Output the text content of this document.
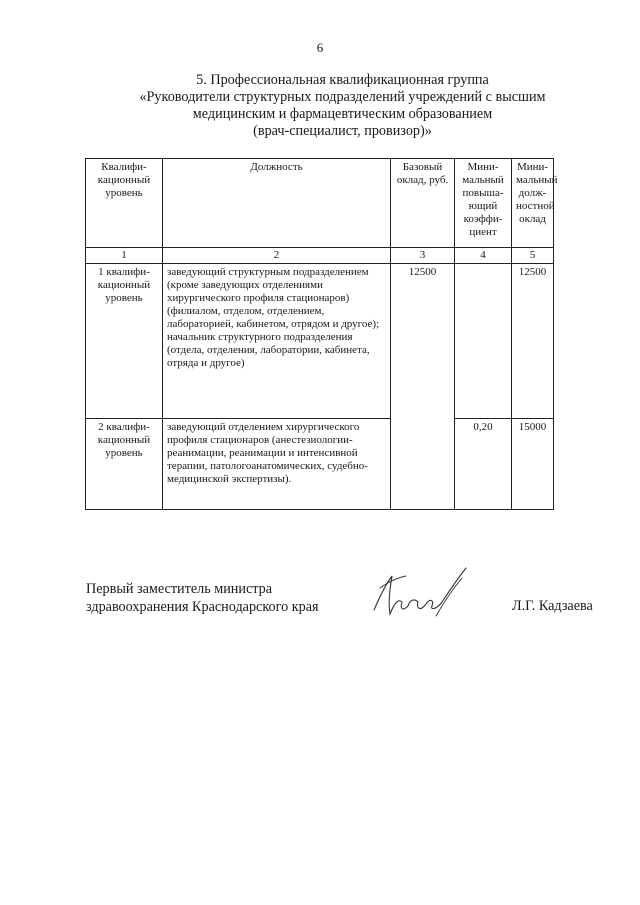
6
5. Профессиональная квалификационная группа
«Руководители структурных подразделений учреждений с высшим
медицинским и фармацевтическим образованием
(врач-специалист, провизор)»
Квалифи-кационный уровень	Должность	Базовый оклад, руб.	Мини-мальный повыша-ющий коэффи-циент	Мини-мальный долж-ностной оклад
1	2	3	4	5
1 квалифи-кационный уровень	заведующий структурным подразделением (кроме заведующих отделениями хирургического профиля стационаров) (филиалом, отделом, отделением, лабораторией, кабинетом, отрядом и другое); начальник структурного подразделения (отдела, отделения, лаборатории, кабинета, отряда и другое)	12500		12500
2 квалифи-кационный уровень	заведующий отделением хирургического профиля стационаров (анестезиологии-реанимации, реанимации и интенсивной терапии, патологоанатомических, судебно-медицинской экспертизы).		0,20	15000
Первый заместитель министра
здравоохранения Краснодарского края	Л.Г. Кадзаева
